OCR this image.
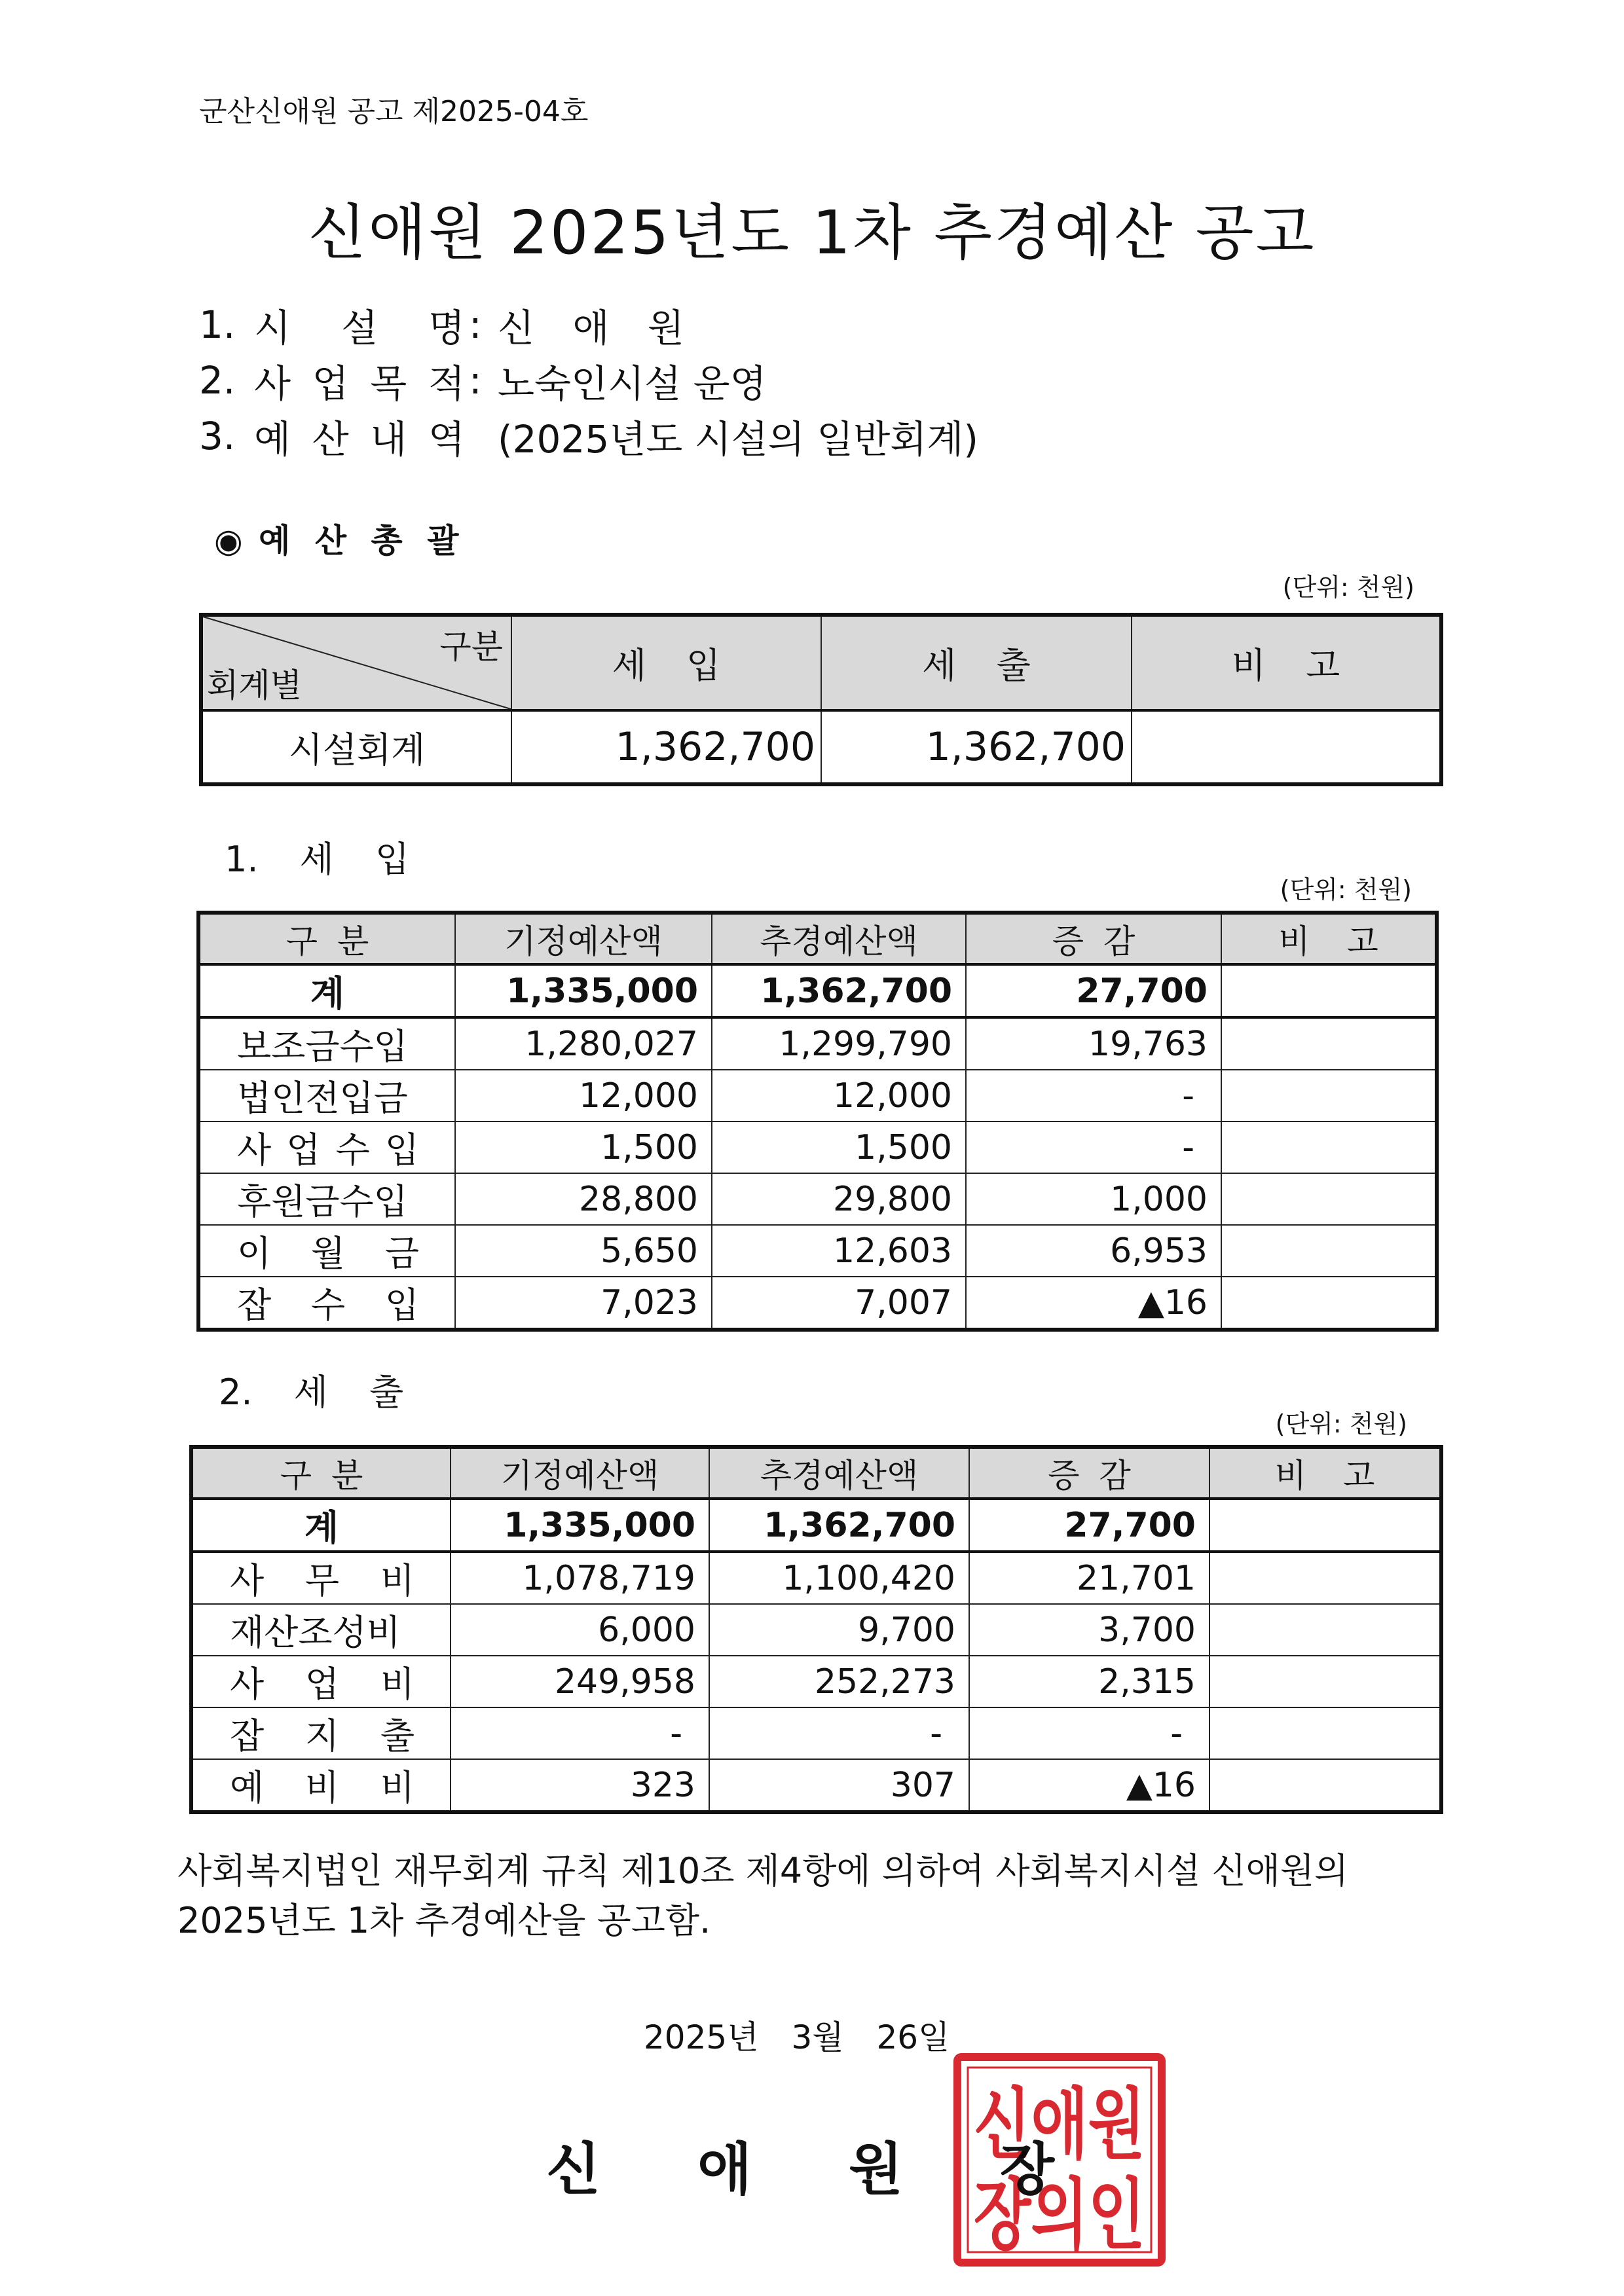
군산신애원 공고 제2025-04호
신애원 2025년도 1차 추경예산 공고
1. 시 설 명 : 신 애 원
2. 사 업 목 적 : 노숙인시설 운영
3. 예 산 내 역 (2025년도 시설의 일반회계)
◉ 예 산 총 괄
(단위: 천원)
구분
회계별	세 입	세 출	비 고
시설회계	1,362,700	1,362,700	
1. 세 입
(단위: 천원)
구 분	기정예산액	추경예산액	증 감	비 고
계	1,335,000	1,362,700	27,700	
보조금수입	1,280,027	1,299,790	19,763	
법인전입금	12,000	12,000	-	
사 업 수 입	1,500	1,500	-	
후원금수입	28,800	29,800	1,000	
이 월 금	5,650	12,603	6,953	
잡 수 입	7,023	7,007	▲16	
2. 세 출
(단위: 천원)
구 분	기정예산액	추경예산액	증 감	비 고
계	1,335,000	1,362,700	27,700	
사 무 비	1,078,719	1,100,420	21,701	
재산조성비	6,000	9,700	3,700	
사 업 비	249,958	252,273	2,315	
잡 지 출	-	-	-	
예 비 비	323	307	▲16	
사회복지법인 재무회계 규칙 제10조 제4항에 의하여 사회복지시설 신애원의
2025년도 1차 추경예산을 공고함.
2025년 3월 26일
신 애 원 장
신애원
장의인
